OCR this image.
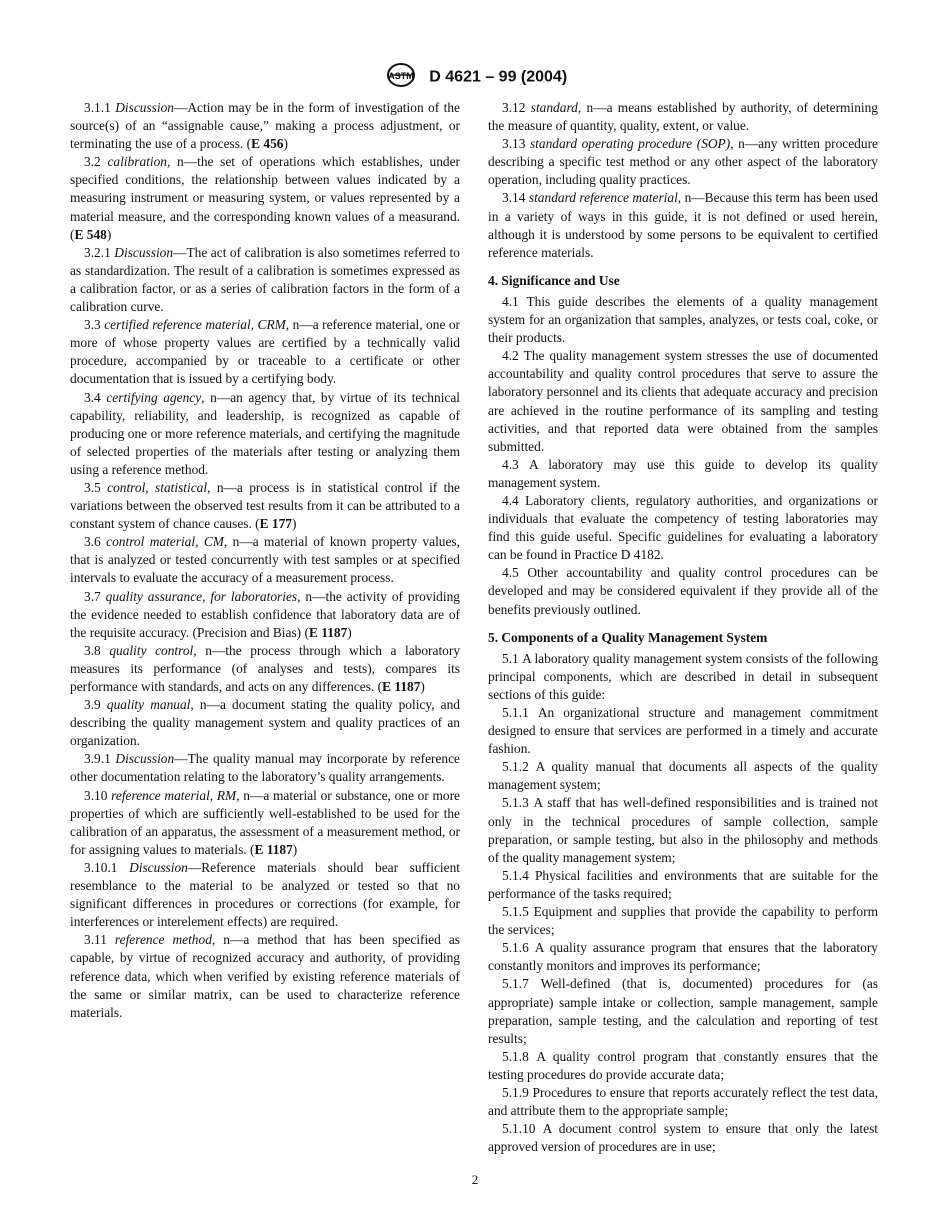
ASTM D 4621 – 99 (2004)

3.1.1 Discussion—Action may be in the form of investigation of the source(s) of an “assignable cause,” making a process adjustment, or terminating the use of a process. (E 456)

3.2 calibration, n—the set of operations which establishes, under specified conditions, the relationship between values indicated by a measuring instrument or measuring system, or values represented by a material measure, and the corresponding known values of a measurand. (E 548)

3.2.1 Discussion—The act of calibration is also sometimes referred to as standardization. The result of a calibration is sometimes expressed as a calibration factor, or as a series of calibration factors in the form of a calibration curve.

3.3 certified reference material, CRM, n—a reference material, one or more of whose property values are certified by a technically valid procedure, accompanied by or traceable to a certificate or other documentation that is issued by a certifying body.

3.4 certifying agency, n—an agency that, by virtue of its technical capability, reliability, and leadership, is recognized as capable of producing one or more reference materials, and certifying the magnitude of selected properties of the materials after testing or analyzing them using a reference method.

3.5 control, statistical, n—a process is in statistical control if the variations between the observed test results from it can be attributed to a constant system of chance causes. (E 177)

3.6 control material, CM, n—a material of known property values, that is analyzed or tested concurrently with test samples or at specified intervals to evaluate the accuracy of a measurement process.

3.7 quality assurance, for laboratories, n—the activity of providing the evidence needed to establish confidence that laboratory data are of the requisite accuracy. (Precision and Bias) (E 1187)

3.8 quality control, n—the process through which a laboratory measures its performance (of analyses and tests), compares its performance with standards, and acts on any differences. (E 1187)

3.9 quality manual, n—a document stating the quality policy, and describing the quality management system and quality practices of an organization.

3.9.1 Discussion—The quality manual may incorporate by reference other documentation relating to the laboratory’s quality arrangements.

3.10 reference material, RM, n—a material or substance, one or more properties of which are sufficiently well-established to be used for the calibration of an apparatus, the assessment of a measurement method, or for assigning values to materials. (E 1187)

3.10.1 Discussion—Reference materials should bear sufficient resemblance to the material to be analyzed or tested so that no significant differences in procedures or corrections (for example, for interferences or interelement effects) are required.

3.11 reference method, n—a method that has been specified as capable, by virtue of recognized accuracy and authority, of providing reference data, which when verified by existing reference materials of the same or similar matrix, can be used to characterize reference materials.

3.12 standard, n—a means established by authority, of determining the measure of quantity, quality, extent, or value.

3.13 standard operating procedure (SOP), n—any written procedure describing a specific test method or any other aspect of the laboratory operation, including quality practices.

3.14 standard reference material, n—Because this term has been used in a variety of ways in this guide, it is not defined or used herein, although it is understood by some persons to be equivalent to certified reference materials.

4. Significance and Use

4.1 This guide describes the elements of a quality management system for an organization that samples, analyzes, or tests coal, coke, or their products.

4.2 The quality management system stresses the use of documented accountability and quality control procedures that serve to assure the laboratory personnel and its clients that adequate accuracy and precision are achieved in the routine performance of its sampling and testing activities, and that reported data were obtained from the samples submitted.

4.3 A laboratory may use this guide to develop its quality management system.

4.4 Laboratory clients, regulatory authorities, and organizations or individuals that evaluate the competency of testing laboratories may find this guide useful. Specific guidelines for evaluating a laboratory can be found in Practice D 4182.

4.5 Other accountability and quality control procedures can be developed and may be considered equivalent if they provide all of the benefits previously outlined.

5. Components of a Quality Management System

5.1 A laboratory quality management system consists of the following principal components, which are described in detail in subsequent sections of this guide:

5.1.1 An organizational structure and management commitment designed to ensure that services are performed in a timely and accurate fashion.

5.1.2 A quality manual that documents all aspects of the quality management system;

5.1.3 A staff that has well-defined responsibilities and is trained not only in the technical procedures of sample collection, sample preparation, or sample testing, but also in the philosophy and methods of the quality management system;

5.1.4 Physical facilities and environments that are suitable for the performance of the tasks required;

5.1.5 Equipment and supplies that provide the capability to perform the services;

5.1.6 A quality assurance program that ensures that the laboratory constantly monitors and improves its performance;

5.1.7 Well-defined (that is, documented) procedures for (as appropriate) sample intake or collection, sample management, sample preparation, sample testing, and the calculation and reporting of test results;

5.1.8 A quality control program that constantly ensures that the testing procedures do provide accurate data;

5.1.9 Procedures to ensure that reports accurately reflect the test data, and attribute them to the appropriate sample;

5.1.10 A document control system to ensure that only the latest approved version of procedures are in use;

2
